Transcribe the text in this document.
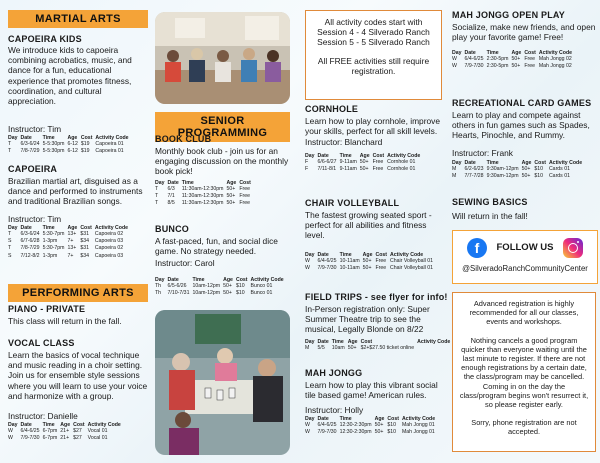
MARTIAL ARTS
CAPOEIRA KIDS
We introduce kids to capoeira combining acrobatics, music, and dance for a fun, educational experience that promotes fitness, coordination, and cultural appreciation.
Instructor: Tim
Day	Date	Time	Age	Cost	Activity Code
T	6/3-6/24	5-5:30pm	6-12	$19	Capoeira 01
T	7/8-7/29	5-5:30pm	6-12	$19	Capoeira 01
CAPOEIRA
Brazilian martial art, disguised as a dance and performed to instruments and traditional Brazilian songs.
Instructor: Tim
Day	Date	Time	Age	Cost	Activity Code
T	6/3-6/24	5:30-7pm	13+	$31	Capoeira 02
S	6/7-6/28	1-3pm	7+	$34	Capoeira 03
T	7/8-7/29	5:30-7pm	13+	$31	Capoeira 02
S	7/12-8/2	1-3pm	7+	$34	Capoeira 03
PERFORMING ARTS
PIANO - PRIVATE
This class will return in the fall.
VOCAL CLASS
Learn the basics of vocal technique and music reading in a choir setting. Join us for ensemble style sessions where you will learn to use your voice and harmonize with a group.
Instructor: Danielle
Day	Date	Time	Age	Cost	Activity Code
W	6/4-6/25	6-7pm	21+	$27	Vocal 01
W	7/9-7/30	6-7pm	21+	$27	Vocal 01
SENIOR PROGRAMMING
BOOK CLUB
Monthly book club - join us for an engaging discussion on the monthly book pick!
Day	Date	Time	Age	Cost
T	6/3	11:30am-12:30pm	50+	Free
T	7/1	11:30am-12:30pm	50+	Free
T	8/5	11:30am-12:30pm	50+	Free
BUNCO
A fast-paced, fun, and social dice game. No strategy needed.
Instructor: Carol
Day	Date	Time	Age	Cost	Activity Code
Th	6/5-6/26	10am-12pm	50+	$10	Bunco 01
Th	7/10-7/31	10am-12pm	50+	$10	Bunco 01
All activity codes start with
Session 4 - 4 Silverado Ranch
Session 5 - 5 Silverado Ranch
All FREE activities still require
registration.
CORNHOLE
Learn how to play cornhole, improve your skills, perfect for all skill levels.
Instructor: Blanchard
Day	Date	Time	Age	Cost	Activity Code
F	6/6-6/27	9-11am	50+	Free	Cornhole 01
F	7/11-8/1	9-11am	50+	Free	Cornhole 01
CHAIR VOLLEYBALL
The fastest growing seated sport - perfect for all abilities and fitness level.
Day	Date	Time	Age	Cost	Activity Code
W	6/4-6/25	10-11am	50+	Free	Chair Volleyball 01
W	7/9-7/30	10-11am	50+	Free	Chair Volleyball 01
FIELD TRIPS - see flyer for info!
In-Person registration only: Super Summer Theatre trip to see the musical, Legally Blonde on 8/22
Day	Date	Time	Age	Cost	Activity Code
M	5/5	10am	50+	$2+$27.50 ticket online	
MAH JONGG
Learn how to play this vibrant social tile based game! American rules.
Instructor: Holly
Day	Date	Time	Age	Cost	Activity Code
W	6/4-6/25	12:30-2:30pm	50+	$10	Mah Jongg 01
W	7/9-7/30	12:30-2:30pm	50+	$10	Mah Jongg 01
MAH JONGG OPEN PLAY
Socialize, make new friends, and open play your favorite game! Free!
Day	Date	Time	Age	Cost	Activity Code
W	6/4-6/25	2:30-5pm	50+	Free	Mah Jongg 02
W	7/9-7/30	2:30-5pm	50+	Free	Mah Jongg 02
RECREATIONAL CARD GAMES
Learn to play and compete against others in fun games such as Spades, Hearts, Pinochle, and Rummy.
Instructor: Frank
Day	Date	Time	Age	Cost	Activity Code
M	6/2-6/23	9:30am-12pm	50+	$10	Cards 01
M	7/7-7/28	9:30am-12pm	50+	$10	Cards 01
SEWING BASICS
Will return in the fall!
f	FOLLOW US
@SilveradoRanchCommunityCenter
Advanced registration is highly recommended for all our classes, events and workshops.
Nothing cancels a good program quicker than everyone waiting until the last minute to register. If there are not enough registrations by a certain date, the class/program may be cancelled. Coming in on the day the class/program begins won't resurrect it, so please register early.
Sorry, phone registration are not accepted.
